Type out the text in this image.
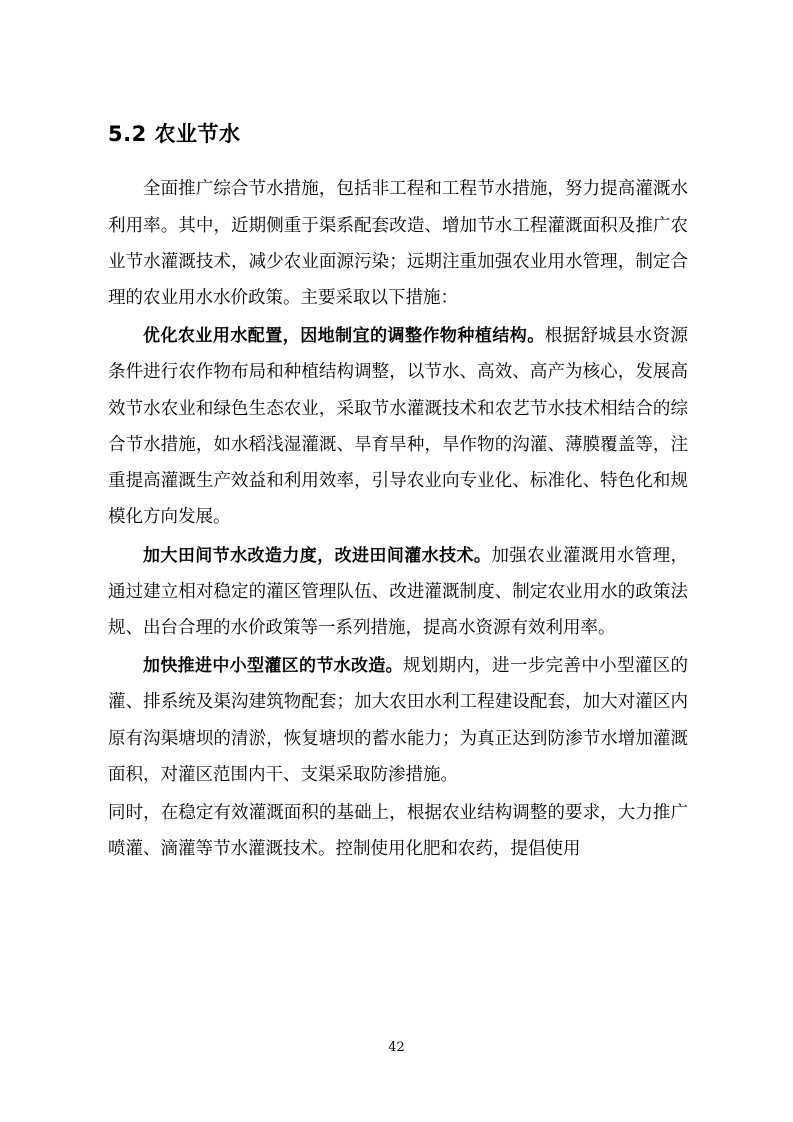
5.2 农业节水

全面推广综合节水措施，包括非工程和工程节水措施，努力提高灌溉水利用率。其中，近期侧重于渠系配套改造、增加节水工程灌溉面积及推广农业节水灌溉技术，减少农业面源污染；远期注重加强农业用水管理，制定合理的农业用水水价政策。主要采取以下措施：

优化农业用水配置，因地制宜的调整作物种植结构。根据舒城县水资源条件进行农作物布局和种植结构调整，以节水、高效、高产为核心，发展高效节水农业和绿色生态农业，采取节水灌溉技术和农艺节水技术相结合的综合节水措施，如水稻浅湿灌溉、旱育旱种，旱作物的沟灌、薄膜覆盖等，注重提高灌溉生产效益和利用效率，引导农业向专业化、标准化、特色化和规模化方向发展。

加大田间节水改造力度，改进田间灌水技术。加强农业灌溉用水管理，通过建立相对稳定的灌区管理队伍、改进灌溉制度、制定农业用水的政策法规、出台合理的水价政策等一系列措施，提高水资源有效利用率。

加快推进中小型灌区的节水改造。规划期内，进一步完善中小型灌区的灌、排系统及渠沟建筑物配套；加大农田水利工程建设配套，加大对灌区内原有沟渠塘坝的清淤，恢复塘坝的蓄水能力；为真正达到防渗节水增加灌溉面积，对灌区范围内干、支渠采取防渗措施。

同时，在稳定有效灌溉面积的基础上，根据农业结构调整的要求，大力推广喷灌、滴灌等节水灌溉技术。控制使用化肥和农药，提倡使用

42
